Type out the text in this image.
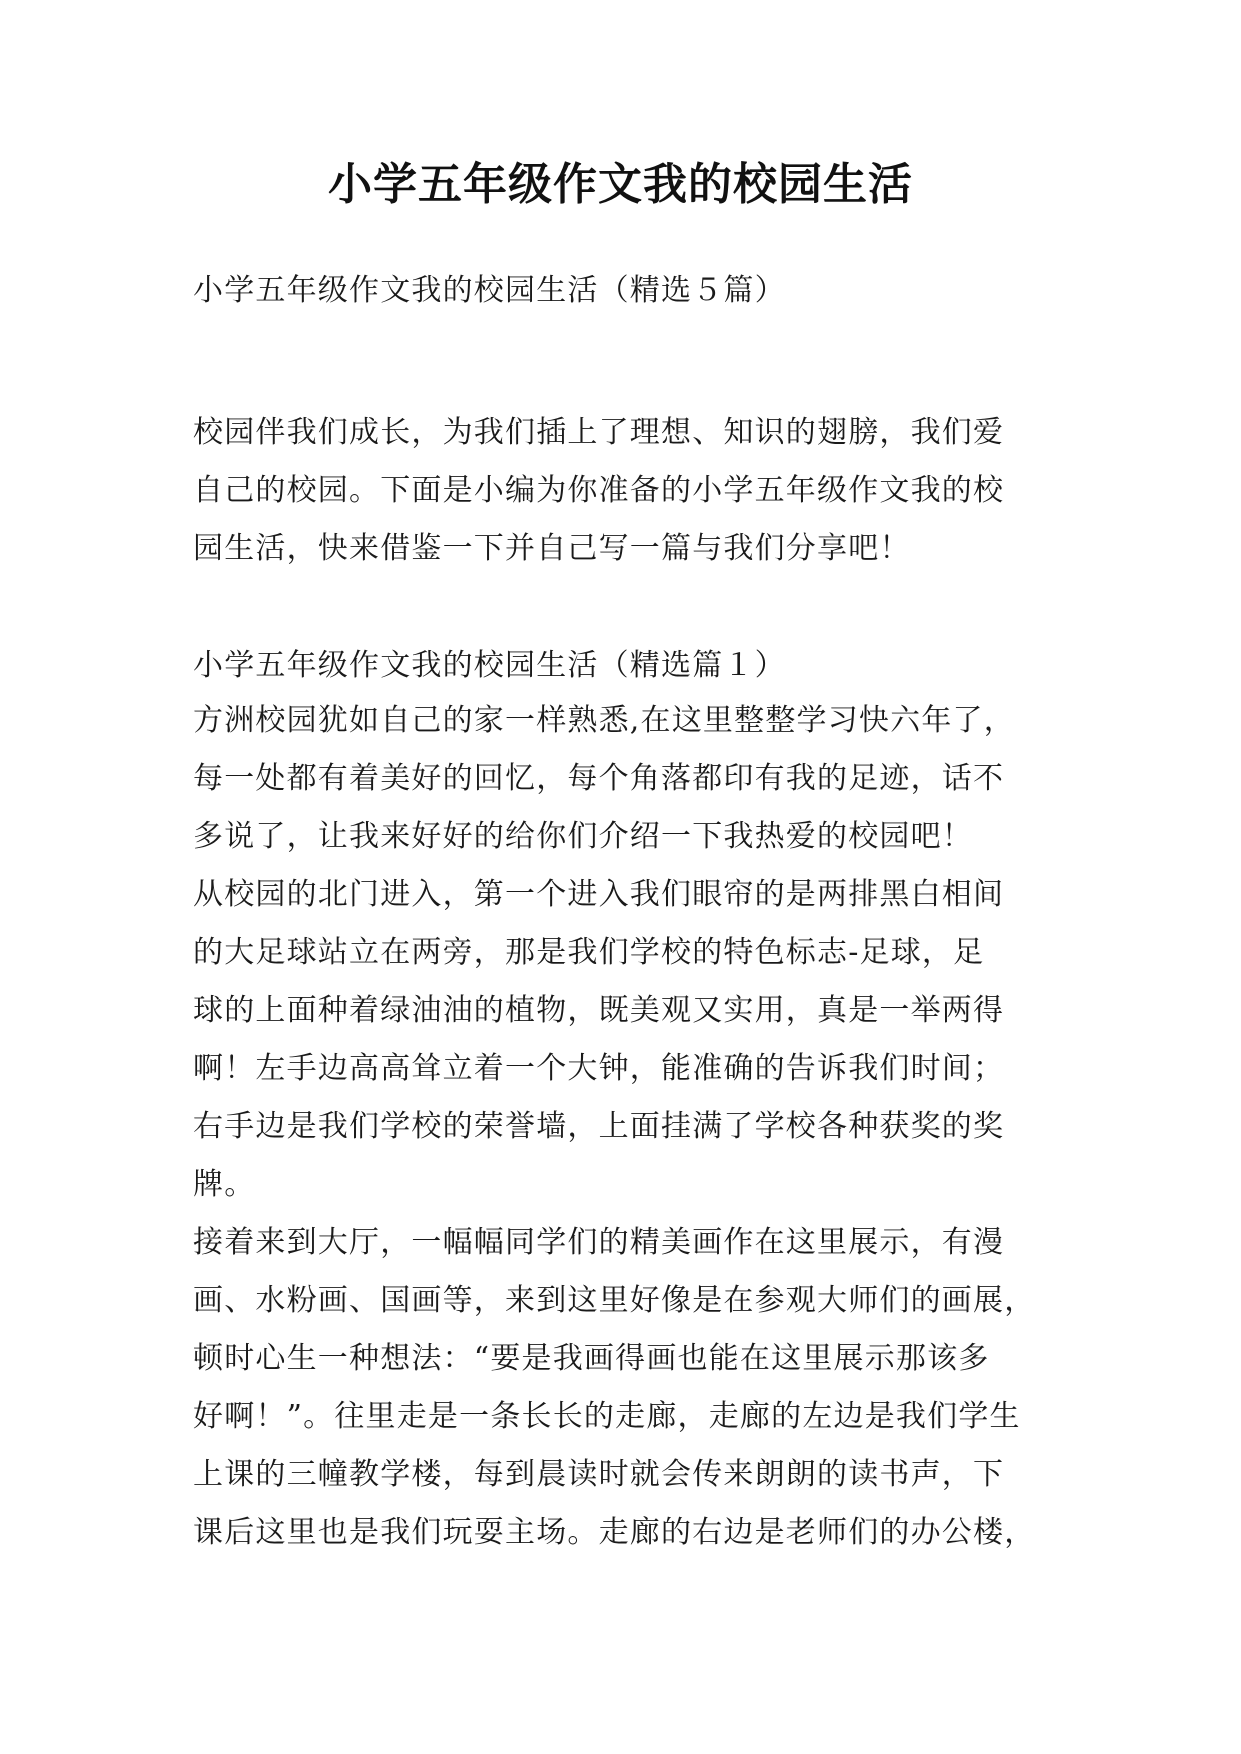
小学五年级作文我的校园生活

小学五年级作文我的校园生活（精选５篇）

校园伴我们成长，为我们插上了理想、知识的翅膀，我们爱
自己的校园。下面是小编为你准备的小学五年级作文我的校
园生活，快来借鉴一下并自己写一篇与我们分享吧！

小学五年级作文我的校园生活（精选篇１）

方洲校园犹如自己的家一样熟悉,在这里整整学习快六年了，
每一处都有着美好的回忆，每个角落都印有我的足迹，话不
多说了，让我来好好的给你们介绍一下我热爱的校园吧！

从校园的北门进入，第一个进入我们眼帘的是两排黑白相间
的大足球站立在两旁，那是我们学校的特色标志-足球，足
球的上面种着绿油油的植物，既美观又实用，真是一举两得
啊！左手边高高耸立着一个大钟，能准确的告诉我们时间；
右手边是我们学校的荣誉墙，上面挂满了学校各种获奖的奖
牌。

接着来到大厅，一幅幅同学们的精美画作在这里展示，有漫
画、水粉画、国画等，来到这里好像是在参观大师们的画展，
顿时心生一种想法：“要是我画得画也能在这里展示那该多
好啊！”。往里走是一条长长的走廊，走廊的左边是我们学生
上课的三幢教学楼，每到晨读时就会传来朗朗的读书声，下
课后这里也是我们玩耍主场。走廊的右边是老师们的办公楼，
